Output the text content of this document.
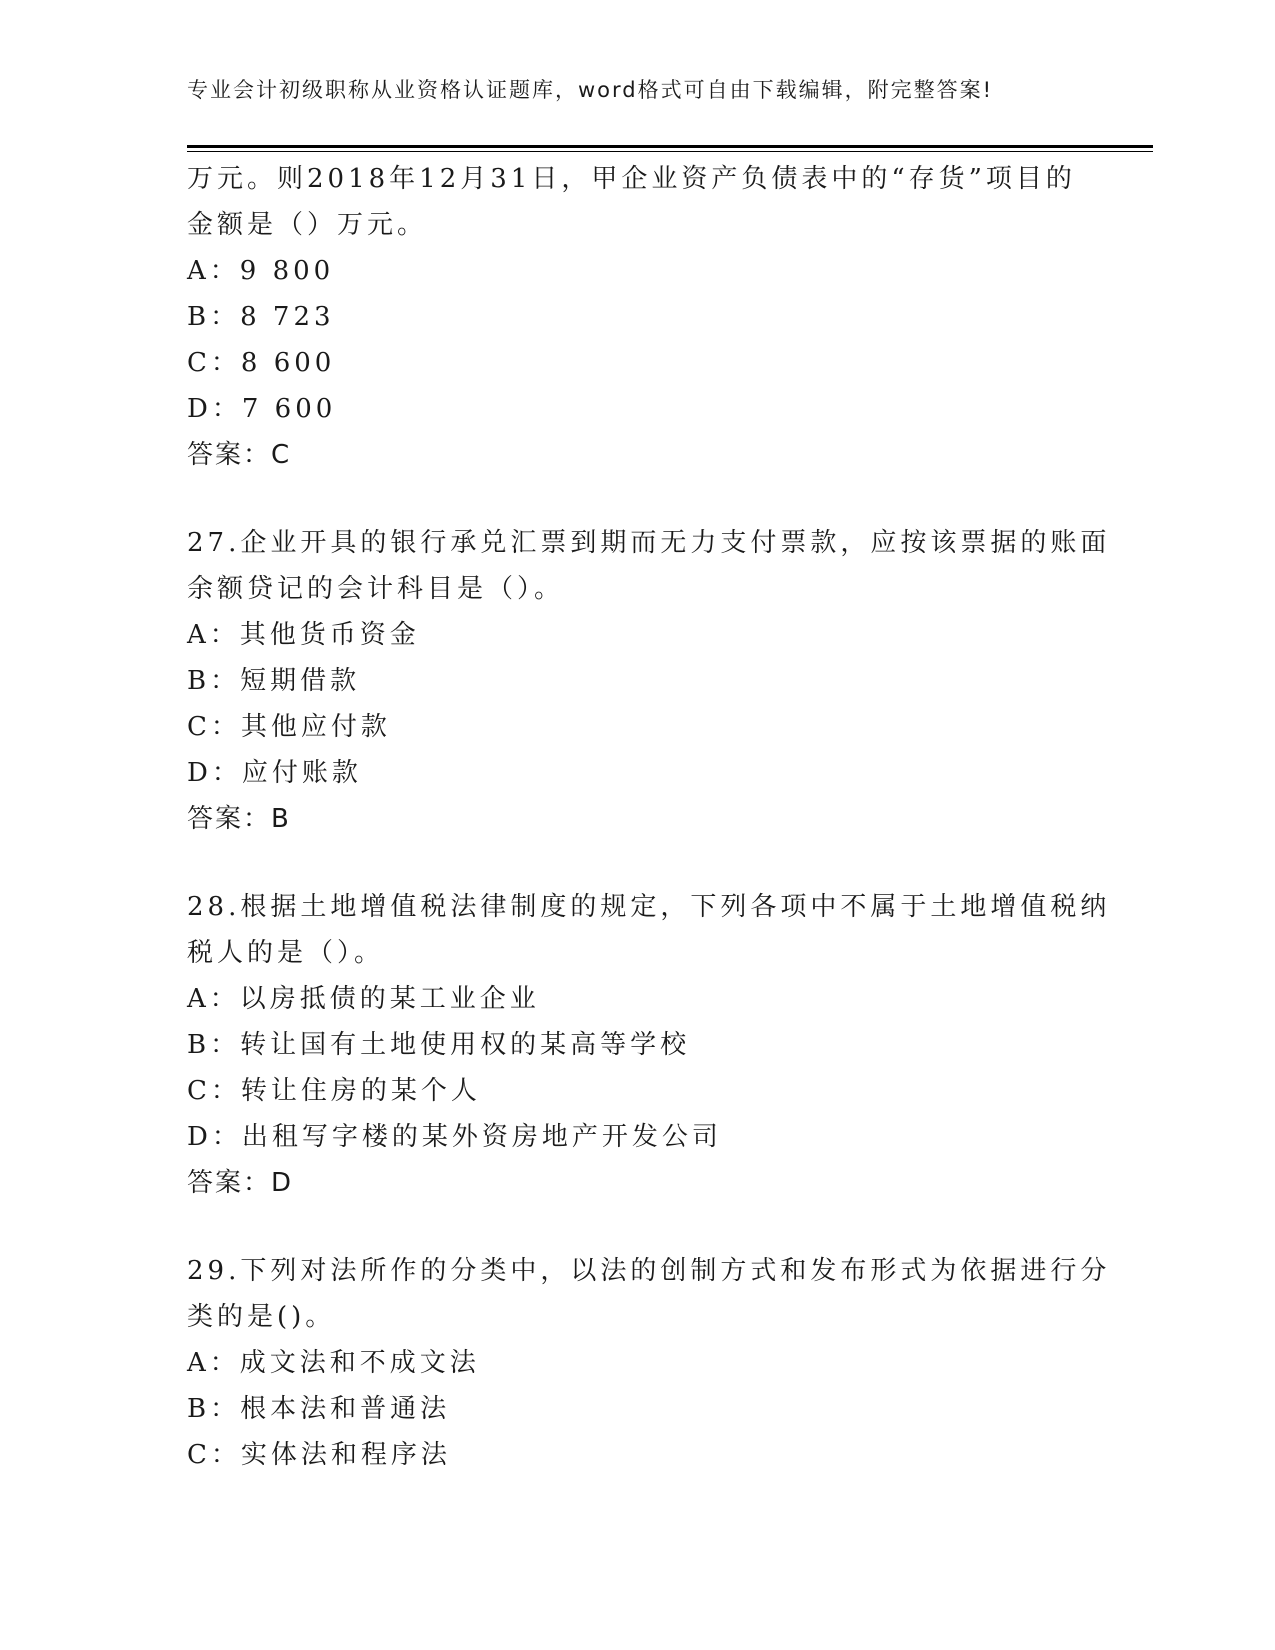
专业会计初级职称从业资格认证题库，word格式可自由下载编辑，附完整答案!
万元。则2018年12月31日，甲企业资产负债表中的“存货”项目的
金额是（）万元。
A：9 800
B：8 723
C：8 600
D：7 600
答案：C
27.企业开具的银行承兑汇票到期而无力支付票款，应按该票据的账面
余额贷记的会计科目是（）。
A：其他货币资金
B：短期借款
C：其他应付款
D：应付账款
答案：B
28.根据土地增值税法律制度的规定，下列各项中不属于土地增值税纳
税人的是（）。
A：以房抵债的某工业企业
B：转让国有土地使用权的某高等学校
C：转让住房的某个人
D：出租写字楼的某外资房地产开发公司
答案：D
29.下列对法所作的分类中，以法的创制方式和发布形式为依据进行分
类的是()。
A：成文法和不成文法
B：根本法和普通法
C：实体法和程序法
